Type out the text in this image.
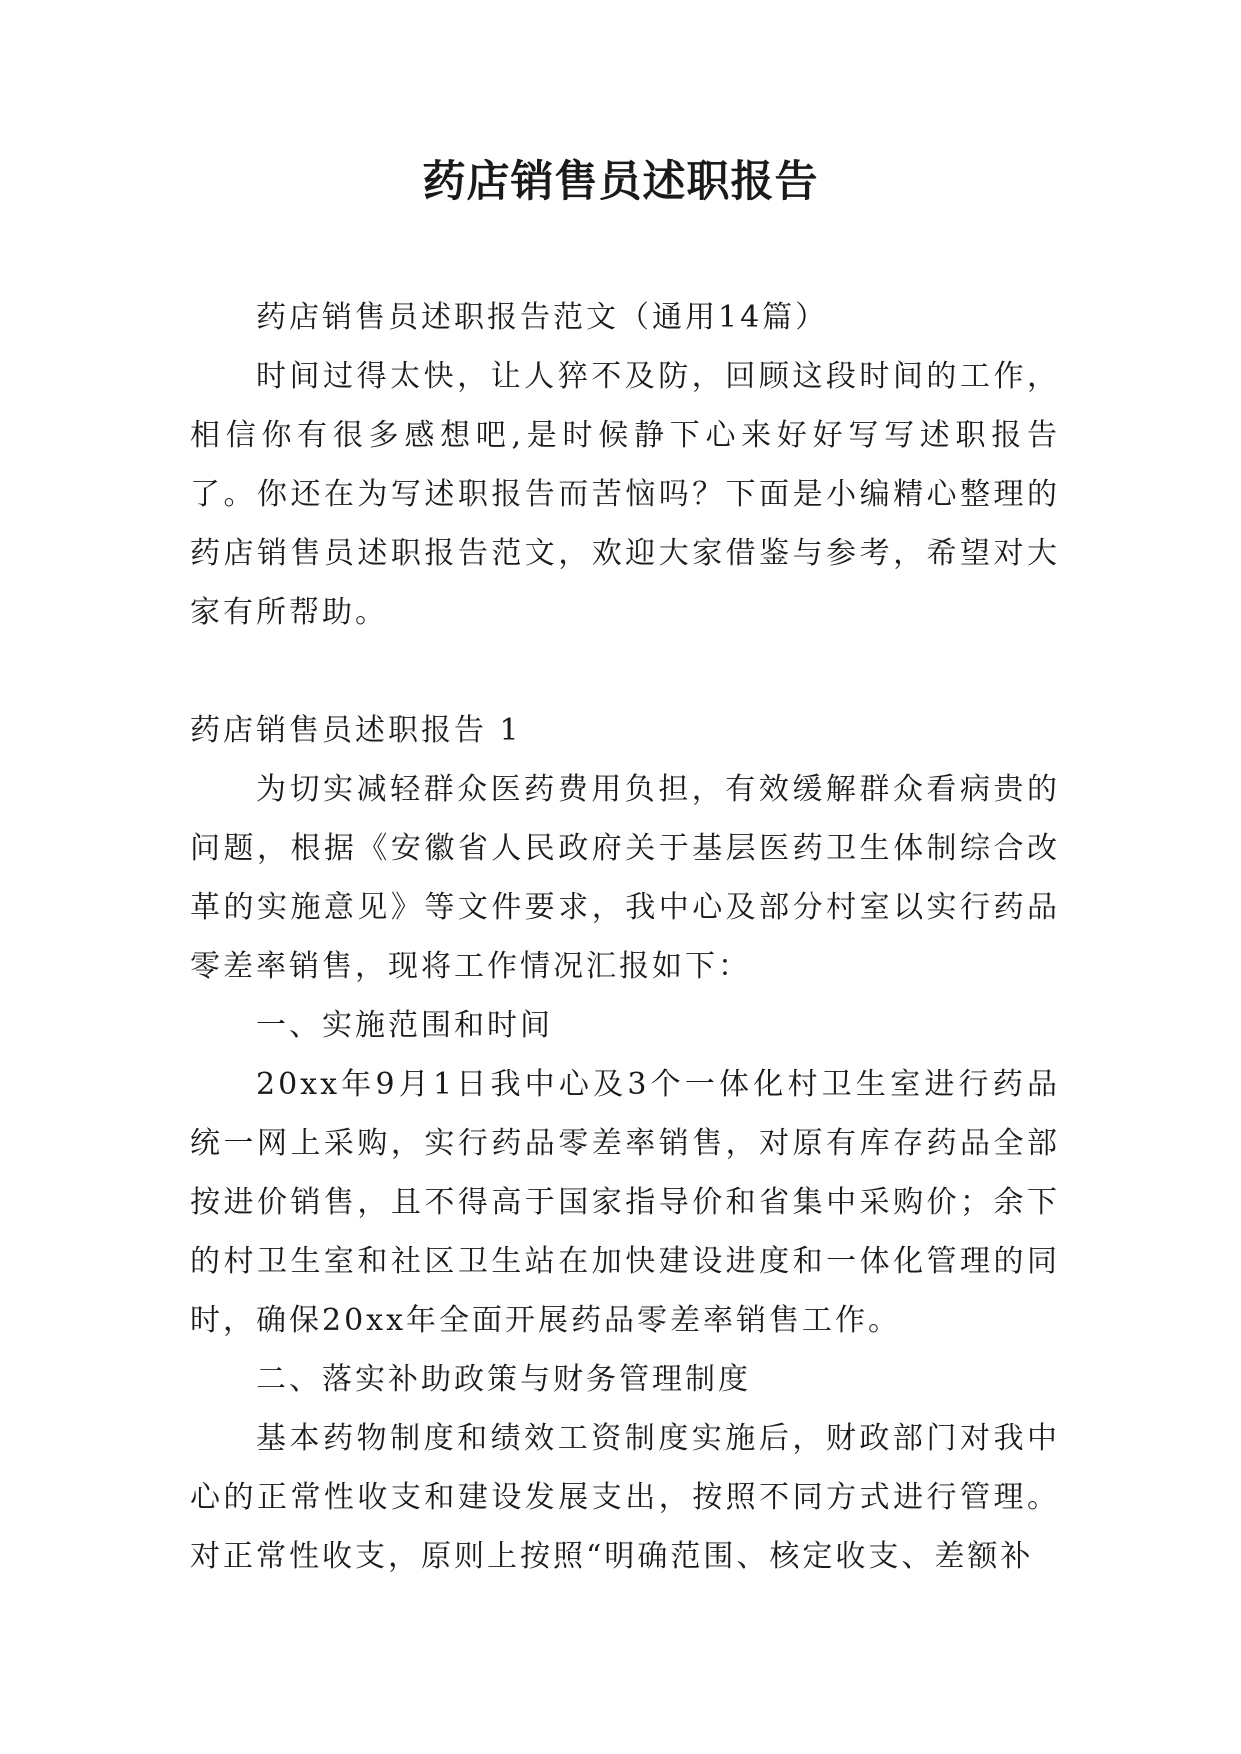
药店销售员述职报告

药店销售员述职报告范文（通用14篇）

时间过得太快，让人猝不及防，回顾这段时间的工作，相信你有很多感想吧,是时候静下心来好好写写述职报告了。你还在为写述职报告而苦恼吗？下面是小编精心整理的药店销售员述职报告范文，欢迎大家借鉴与参考，希望对大家有所帮助。

药店销售员述职报告 1

为切实减轻群众医药费用负担，有效缓解群众看病贵的问题，根据《安徽省人民政府关于基层医药卫生体制综合改革的实施意见》等文件要求，我中心及部分村室以实行药品零差率销售，现将工作情况汇报如下：

一、实施范围和时间

20xx年9月1日我中心及3个一体化村卫生室进行药品统一网上采购，实行药品零差率销售，对原有库存药品全部按进价销售，且不得高于国家指导价和省集中采购价；余下的村卫生室和社区卫生站在加快建设进度和一体化管理的同时，确保20xx年全面开展药品零差率销售工作。

二、落实补助政策与财务管理制度

基本药物制度和绩效工资制度实施后，财政部门对我中心的正常性收支和建设发展支出，按照不同方式进行管理。对正常性收支，原则上按照“明确范围、核定收支、差额补
